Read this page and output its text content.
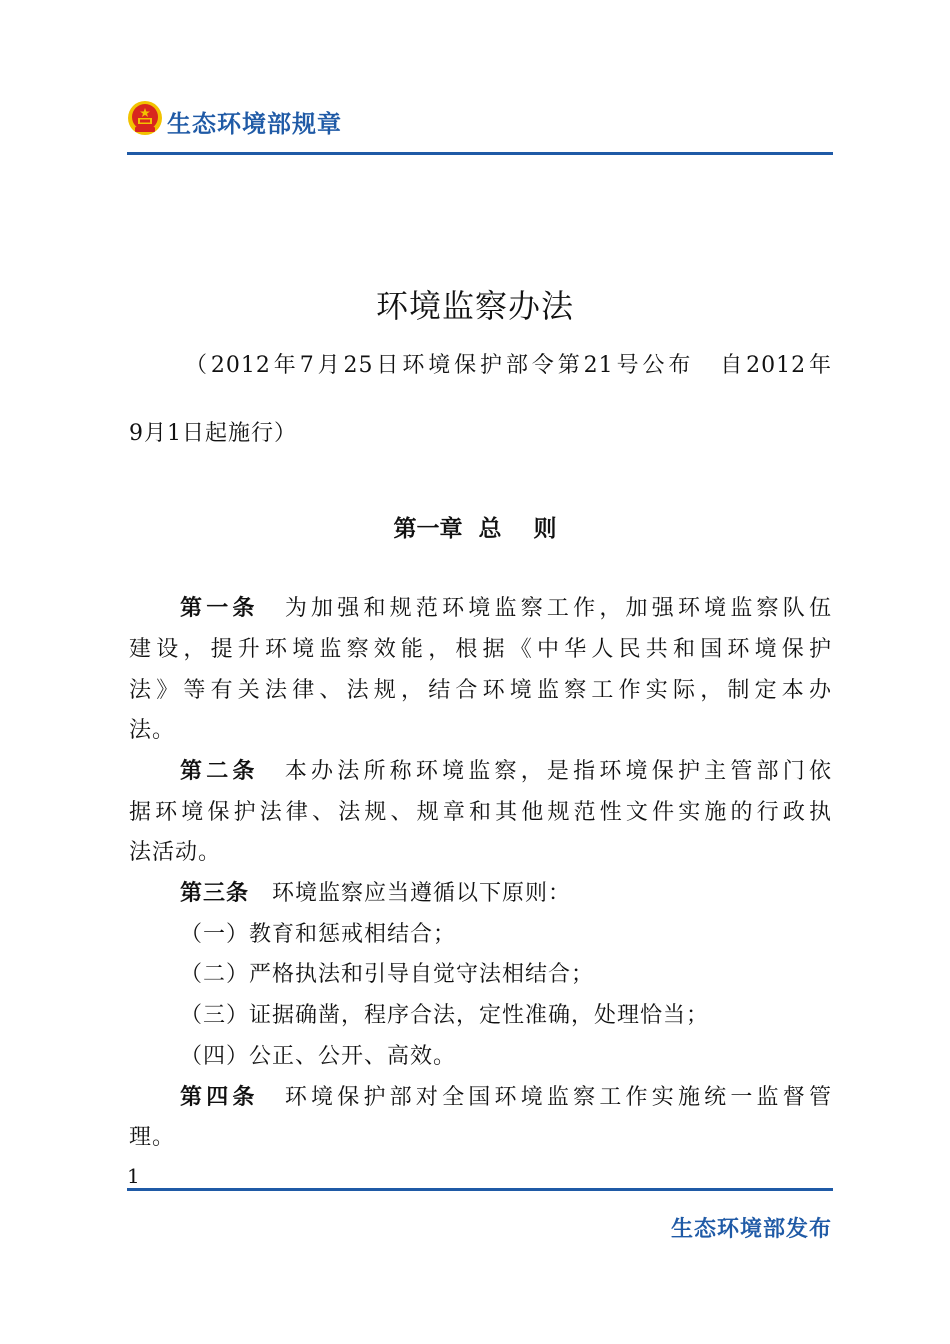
生态环境部规章
环境监察办法
（2012年7月25日环境保护部令第21号公布　自2012年
9月1日起施行）
第一章  总    则
第一条　 为加强和规范环境监察工作，加强环境监察队伍
建设，提升环境监察效能，根据《中华人民共和国环境保护
法》等有关法律、法规，结合环境监察工作实际，制定本办
法。
第二条　 本办法所称环境监察，是指环境保护主管部门依
据环境保护法律、法规、规章和其他规范性文件实施的行政执
法活动。
第三条　 环境监察应当遵循以下原则：
（一）教育和惩戒相结合；
（二）严格执法和引导自觉守法相结合；
（三）证据确凿，程序合法，定性准确，处理恰当；
（四）公正、公开、高效。
第四条　 环境保护部对全国环境监察工作实施统一监督管
理。
1
生态环境部发布
